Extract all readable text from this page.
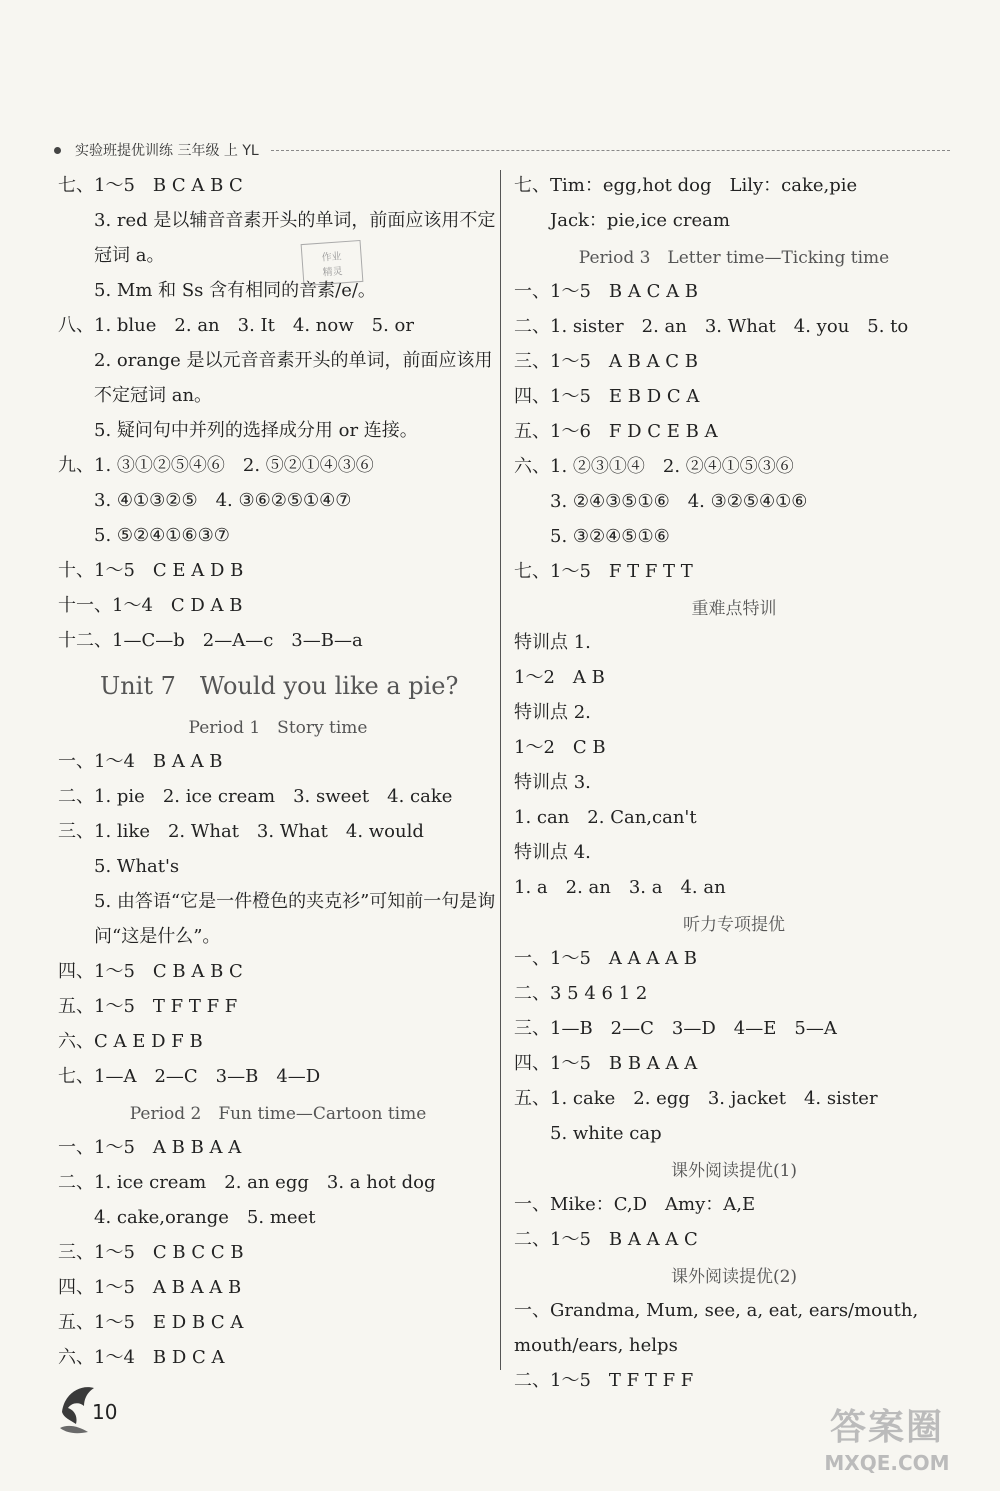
实验班提优训练 三年级 上 YL
作业
精灵
七、1～5　B C A B C
3. red 是以辅音音素开头的单词，前面应该用不定冠词 a。
5. Mm 和 Ss 含有相同的音素/e/。
八、1. blue　2. an　3. It　4. now　5. or
2. orange 是以元音音素开头的单词，前面应该用不定冠词 an。
5. 疑问句中并列的选择成分用 or 连接。
九、1. ③①②⑤④⑥　2. ⑤②①④③⑥
3. ④①③②⑤　4. ③⑥②⑤①④⑦
5. ⑤②④①⑥③⑦
十、1～5　C E A D B
十一、1～4　C D A B
十二、1—C—b　2—A—c　3—B—a
Unit 7　Would you like a pie?
Period 1　Story time
一、1～4　B A A B
二、1. pie　2. ice cream　3. sweet　4. cake
三、1. like　2. What　3. What　4. would
5. What's
5. 由答语“它是一件橙色的夹克衫”可知前一句是询问“这是什么”。
四、1～5　C B A B C
五、1～5　T F T F F
六、C A E D F B
七、1—A　2—C　3—B　4—D
Period 2　Fun time—Cartoon time
一、1～5　A B B A A
二、1. ice cream　2. an egg　3. a hot dog
4. cake,orange　5. meet
三、1～5　C B C C B
四、1～5　A B A A B
五、1～5　E D B C A
六、1～4　B D C A
七、Tim：egg,hot dog　Lily：cake,pie
Jack：pie,ice cream
Period 3　Letter time—Ticking time
一、1～5　B A C A B
二、1. sister　2. an　3. What　4. you　5. to
三、1～5　A B A C B
四、1～5　E B D C A
五、1～6　F D C E B A
六、1. ②③①④　2. ②④①⑤③⑥
3. ②④③⑤①⑥　4. ③②⑤④①⑥
5. ③②④⑤①⑥
七、1～5　F T F T T
重难点特训
特训点 1.
1～2　A B
特训点 2.
1～2　C B
特训点 3.
1. can　2. Can,can't
特训点 4.
1. a　2. an　3. a　4. an
听力专项提优
一、1～5　A A A A B
二、3 5 4 6 1 2
三、1—B　2—C　3—D　4—E　5—A
四、1～5　B B A A A
五、1. cake　2. egg　3. jacket　4. sister
5. white cap
课外阅读提优(1)
一、Mike：C,D　Amy：A,E
二、1～5　B A A A C
课外阅读提优(2)
一、Grandma, Mum, see, a, eat, ears/mouth, mouth/ears, helps
二、1～5　T F T F F
10	答案圈
MXQE.COM
